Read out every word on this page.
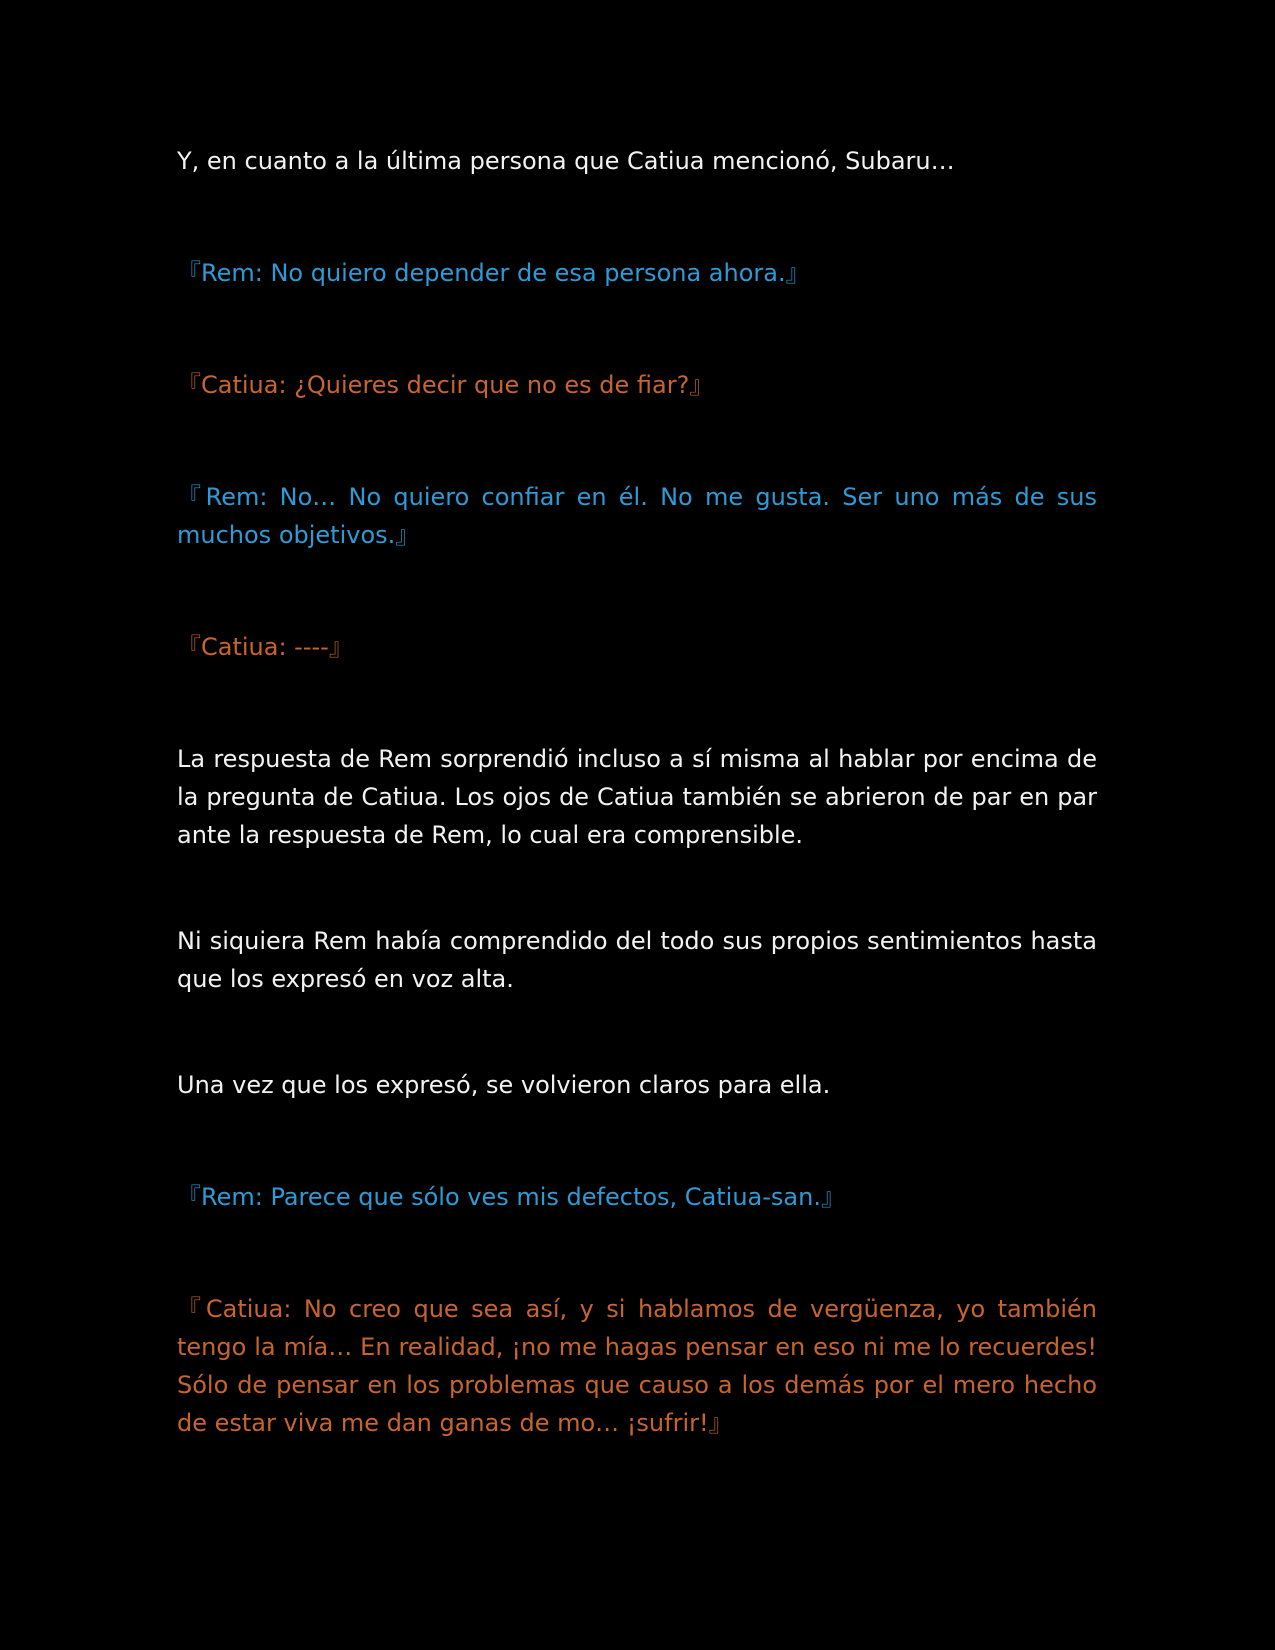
Y, en cuanto a la última persona que Catiua mencionó, Subaru…

『Rem: No quiero depender de esa persona ahora.』

『Catiua: ¿Quieres decir que no es de fiar?』

『Rem: No… No quiero confiar en él. No me gusta. Ser uno más de sus muchos objetivos.』

『Catiua: ----』

La respuesta de Rem sorprendió incluso a sí misma al hablar por encima de la pregunta de Catiua. Los ojos de Catiua también se abrieron de par en par ante la respuesta de Rem, lo cual era comprensible.

Ni siquiera Rem había comprendido del todo sus propios sentimientos hasta que los expresó en voz alta.

Una vez que los expresó, se volvieron claros para ella.

『Rem: Parece que sólo ves mis defectos, Catiua-san.』

『Catiua: No creo que sea así, y si hablamos de vergüenza, yo también tengo la mía… En realidad, ¡no me hagas pensar en eso ni me lo recuerdes! Sólo de pensar en los problemas que causo a los demás por el mero hecho de estar viva me dan ganas de mo… ¡sufrir!』
